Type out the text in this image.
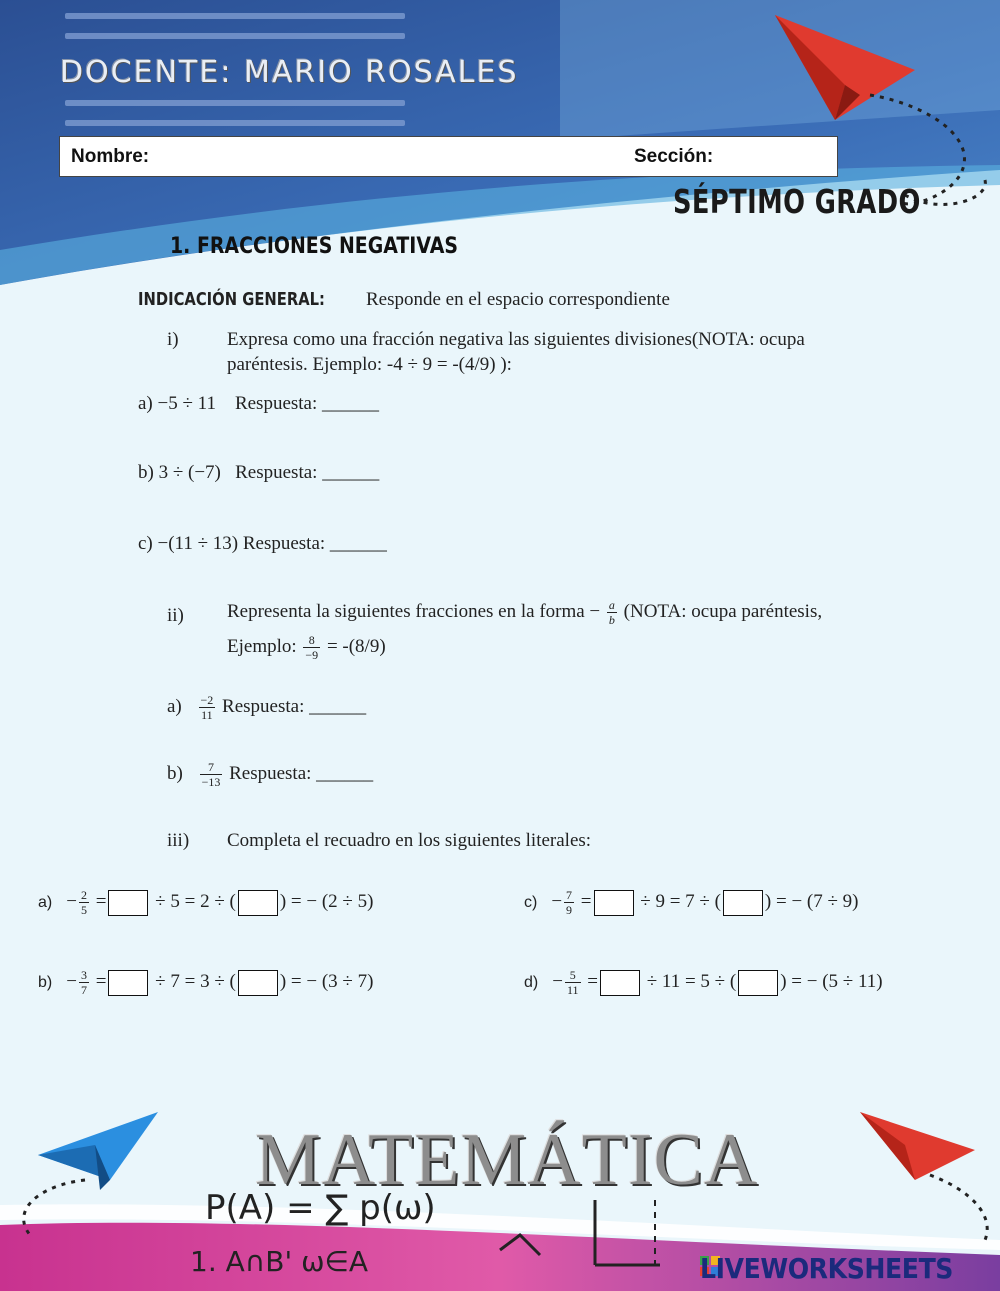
DOCENTE: MARIO ROSALES
Nombre:	Sección:
SÉPTIMO GRADO
1. FRACCIONES NEGATIVAS
INDICACIÓN GENERAL: Responde en el espacio correspondiente
i)	Expresa como una fracción negativa las siguientes divisiones(NOTA: ocupa
paréntesis. Ejemplo: -4 ÷ 9 = -(4/9) ):
a) −5 ÷ 11    Respuesta: ______
b) 3 ÷ (−7)   Respuesta: ______
c) −(11 ÷ 13) Respuesta: ______
ii) Representa la siguientes fracciones en la forma − $\frac{a}{b}$ (NOTA: ocupa paréntesis,
Ejemplo: $\frac{8}{-9} = -(8/9)$
$a) \frac{-2}{11}$ Respuesta: ______
$b) \frac{7}{-13}$ Respuesta: ______
iii) Completa el recuadro en los siguientes literales:
$a) - \frac{2}{5}$ =	÷ 5 = 2 ÷ ( ) = − (2 ÷ 5)
$b) - \frac{3}{7}$ =	÷ 7 = 3 ÷ ( ) = − (3 ÷ 7)
$c) - \frac{7}{9}$ =	÷ 9 = 7 ÷ ( ) = − (7 ÷ 9)
$d) - \frac{5}{11}$ =	÷ 11 = 5 ÷ ( ) = − (5 ÷ 11)
MATEMÁTICA
P(A) = ∑ p(ω)
1. A∩B' ω∈A	LIVEWORKSHEETS
